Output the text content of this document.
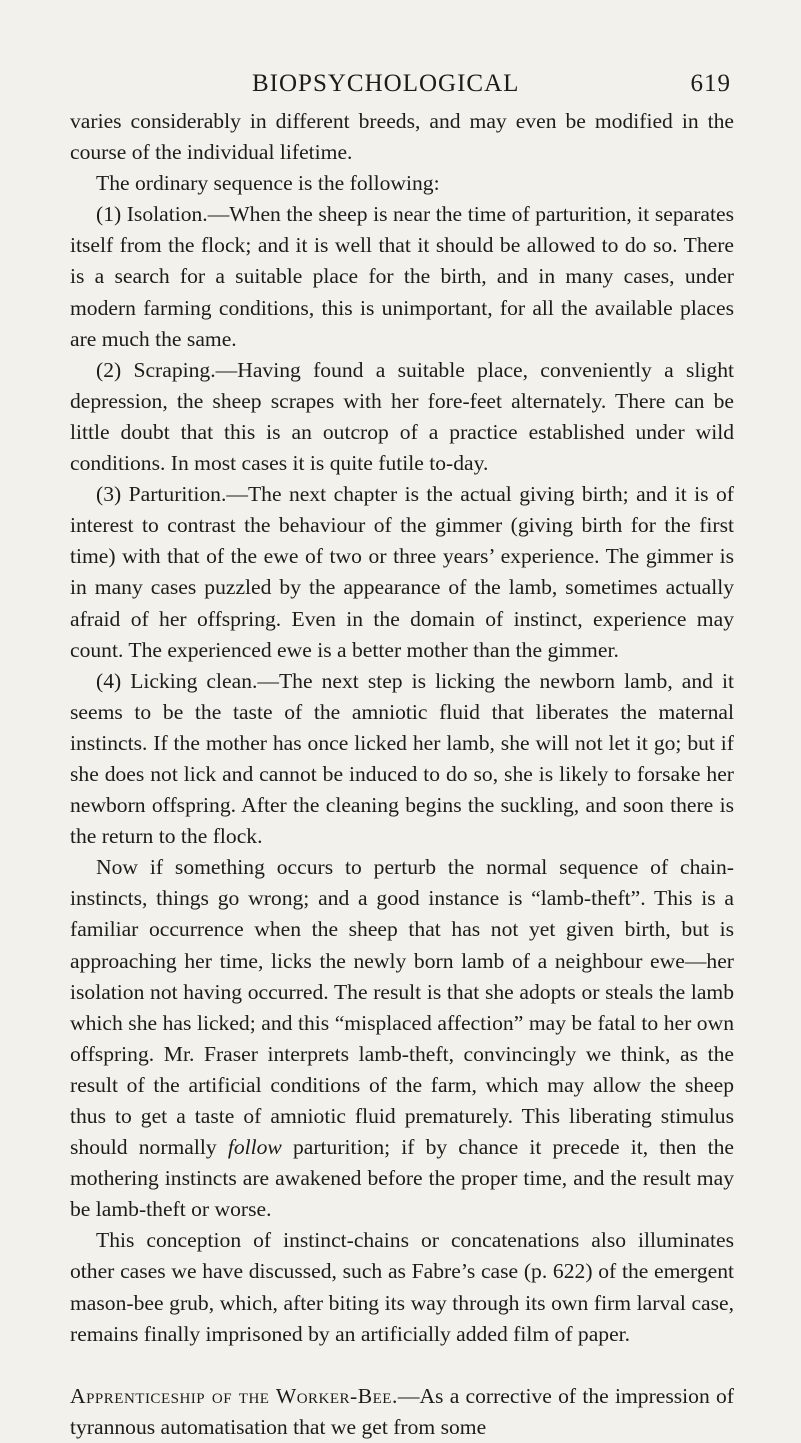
BIOPSYCHOLOGICAL	619

varies considerably in different breeds, and may even be modified in the course of the individual lifetime.

The ordinary sequence is the following:

(1) Isolation.—When the sheep is near the time of parturition, it separates itself from the flock; and it is well that it should be allowed to do so. There is a search for a suitable place for the birth, and in many cases, under modern farming conditions, this is unimportant, for all the available places are much the same.

(2) Scraping.—Having found a suitable place, conveniently a slight depression, the sheep scrapes with her fore-feet alternately. There can be little doubt that this is an outcrop of a practice established under wild conditions. In most cases it is quite futile to-day.

(3) Parturition.—The next chapter is the actual giving birth; and it is of interest to contrast the behaviour of the gimmer (giving birth for the first time) with that of the ewe of two or three years’ experience. The gimmer is in many cases puzzled by the appearance of the lamb, sometimes actually afraid of her offspring. Even in the domain of instinct, experience may count. The experienced ewe is a better mother than the gimmer.

(4) Licking clean.—The next step is licking the newborn lamb, and it seems to be the taste of the amniotic fluid that liberates the maternal instincts. If the mother has once licked her lamb, she will not let it go; but if she does not lick and cannot be induced to do so, she is likely to forsake her newborn offspring. After the cleaning begins the suckling, and soon there is the return to the flock.

Now if something occurs to perturb the normal sequence of chain-instincts, things go wrong; and a good instance is “lamb-theft”. This is a familiar occurrence when the sheep that has not yet given birth, but is approaching her time, licks the newly born lamb of a neighbour ewe—her isolation not having occurred. The result is that she adopts or steals the lamb which she has licked; and this “misplaced affection” may be fatal to her own offspring. Mr. Fraser interprets lamb-theft, convincingly we think, as the result of the artificial conditions of the farm, which may allow the sheep thus to get a taste of amniotic fluid prematurely. This liberating stimulus should normally follow parturition; if by chance it precede it, then the mothering instincts are awakened before the proper time, and the result may be lamb-theft or worse.

This conception of instinct-chains or concatenations also illuminates other cases we have discussed, such as Fabre’s case (p. 622) of the emergent mason-bee grub, which, after biting its way through its own firm larval case, remains finally imprisoned by an artificially added film of paper.

Apprenticeship of the Worker-Bee.—As a corrective of the impression of tyrannous automatisation that we get from some
